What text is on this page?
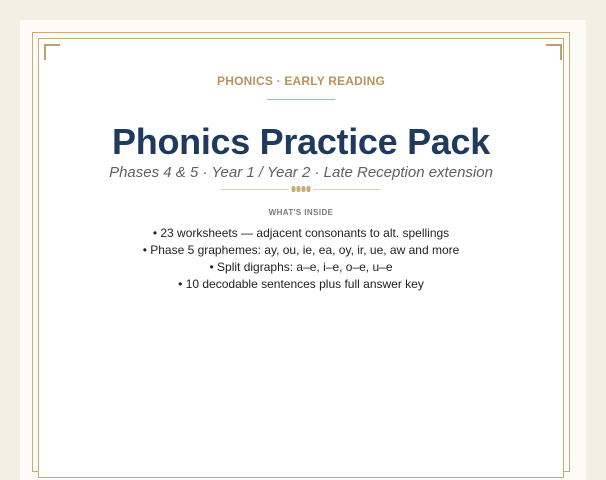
PHONICS · EARLY READING
Phonics Practice Pack
Phases 4 & 5 · Year 1 / Year 2 · Late Reception extension
WHAT'S INSIDE
• 23 worksheets — adjacent consonants to alt. spellings
• Phase 5 graphemes: ay, ou, ie, ea, oy, ir, ue, aw and more
• Split digraphs: a–e, i–e, o–e, u–e
• 10 decodable sentences plus full answer key
